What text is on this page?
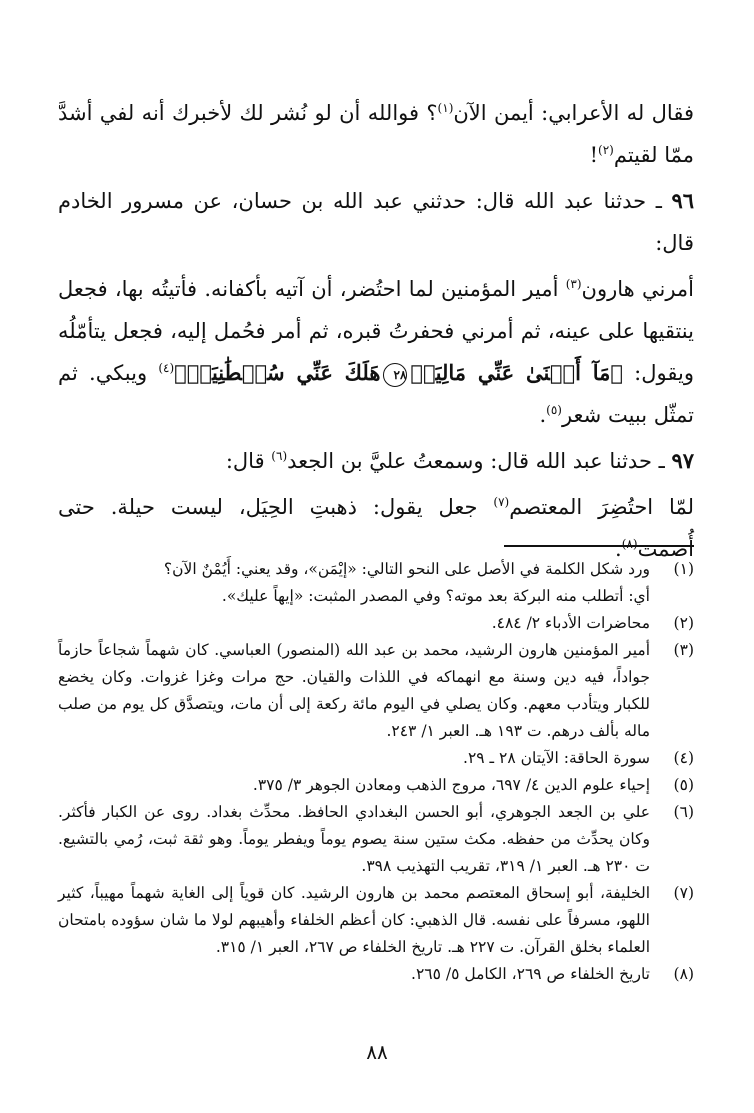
فقال له الأعرابي: أيمن الآن$^{(١)}$؟ فوالله أن لو نُشر لك لأخبرك أنه لفي أشدَّ ممّا لقيتم$^{(٢)}$!

٩٦ ـ حدثنا عبد الله قال: حدثني عبد الله بن حسان، عن مسرور الخادم قال:

أمرني هارون$^{(٣)}$ أمير المؤمنين لما احتُضر، أن آتيه بأكفانه. فأتيتُه بها، فجعل ينتقيها على عينه، ثم أمرني فحفرتُ قبره، ثم أمر فحُمل إليه، فجعل يتأمّلُه ويقول: ﴿مَآ أَغۡنَىٰ عَنِّي مَالِيَهۡ٢٨هَلَكَ عَنِّي سُلۡطَٰنِيَهۡ﴾$^{(٤)}$ ويبكي. ثم تمثّل ببيت شعر$^{(٥)}$.

٩٧ ـ حدثنا عبد الله قال: وسمعتُ عليَّ بن الجعد$^{(٦)}$ قال:

لمّا احتُضِرَ المعتصم$^{(٧)}$ جعل يقول: ذهبتِ الحِيَل، ليست حيلة. حتى أُصمت$^{(٨)}$.

(١)
ورد شكل الكلمة في الأصل على النحو التالي: «إيْمَن»، وقد يعني: أَيُمْنٌ الآن؟
أي: أتطلب منه البركة بعد موته؟ وفي المصدر المثبت: «إيهاً عليك».
(٢)
محاضرات الأدباء ٢/ ٤٨٤.
(٣)
أمير المؤمنين هارون الرشيد، محمد بن عبد الله (المنصور) العباسي. كان شهماً شجاعاً حازماً جواداً، فيه دين وسنة مع انهماكه في اللذات والقيان. حج مرات وغزا غزوات. وكان يخضع للكبار ويتأدب معهم. وكان يصلي في اليوم مائة ركعة إلى أن مات، ويتصدَّق كل يوم من صلب ماله بألف درهم. ت ١٩٣ هـ. العبر ١/ ٢٤٣.
(٤)
سورة الحاقة: الآيتان ٢٨ ـ ٢٩.
(٥)
إحياء علوم الدين ٤/ ٦٩٧، مروج الذهب ومعادن الجوهر ٣/ ٣٧٥.
(٦)
علي بن الجعد الجوهري، أبو الحسن البغدادي الحافظ. محدِّث بغداد. روى عن الكبار فأكثر. وكان يحدِّث من حفظه. مكث ستين سنة يصوم يوماً ويفطر يوماً. وهو ثقة ثبت، رُمي بالتشيع. ت ٢٣٠ هـ. العبر ١/ ٣١٩، تقريب التهذيب ٣٩٨.
(٧)
الخليفة، أبو إسحاق المعتصم محمد بن هارون الرشيد. كان قوياً إلى الغاية شهماً مهيباً، كثير اللهو، مسرفاً على نفسه. قال الذهبي: كان أعظم الخلفاء وأهيبهم لولا ما شان سؤوده بامتحان العلماء بخلق القرآن. ت ٢٢٧ هـ. تاريخ الخلفاء ص ٢٦٧، العبر ١/ ٣١٥.
(٨)
تاريخ الخلفاء ص ٢٦٩، الكامل ٥/ ٢٦٥.
٨٨
